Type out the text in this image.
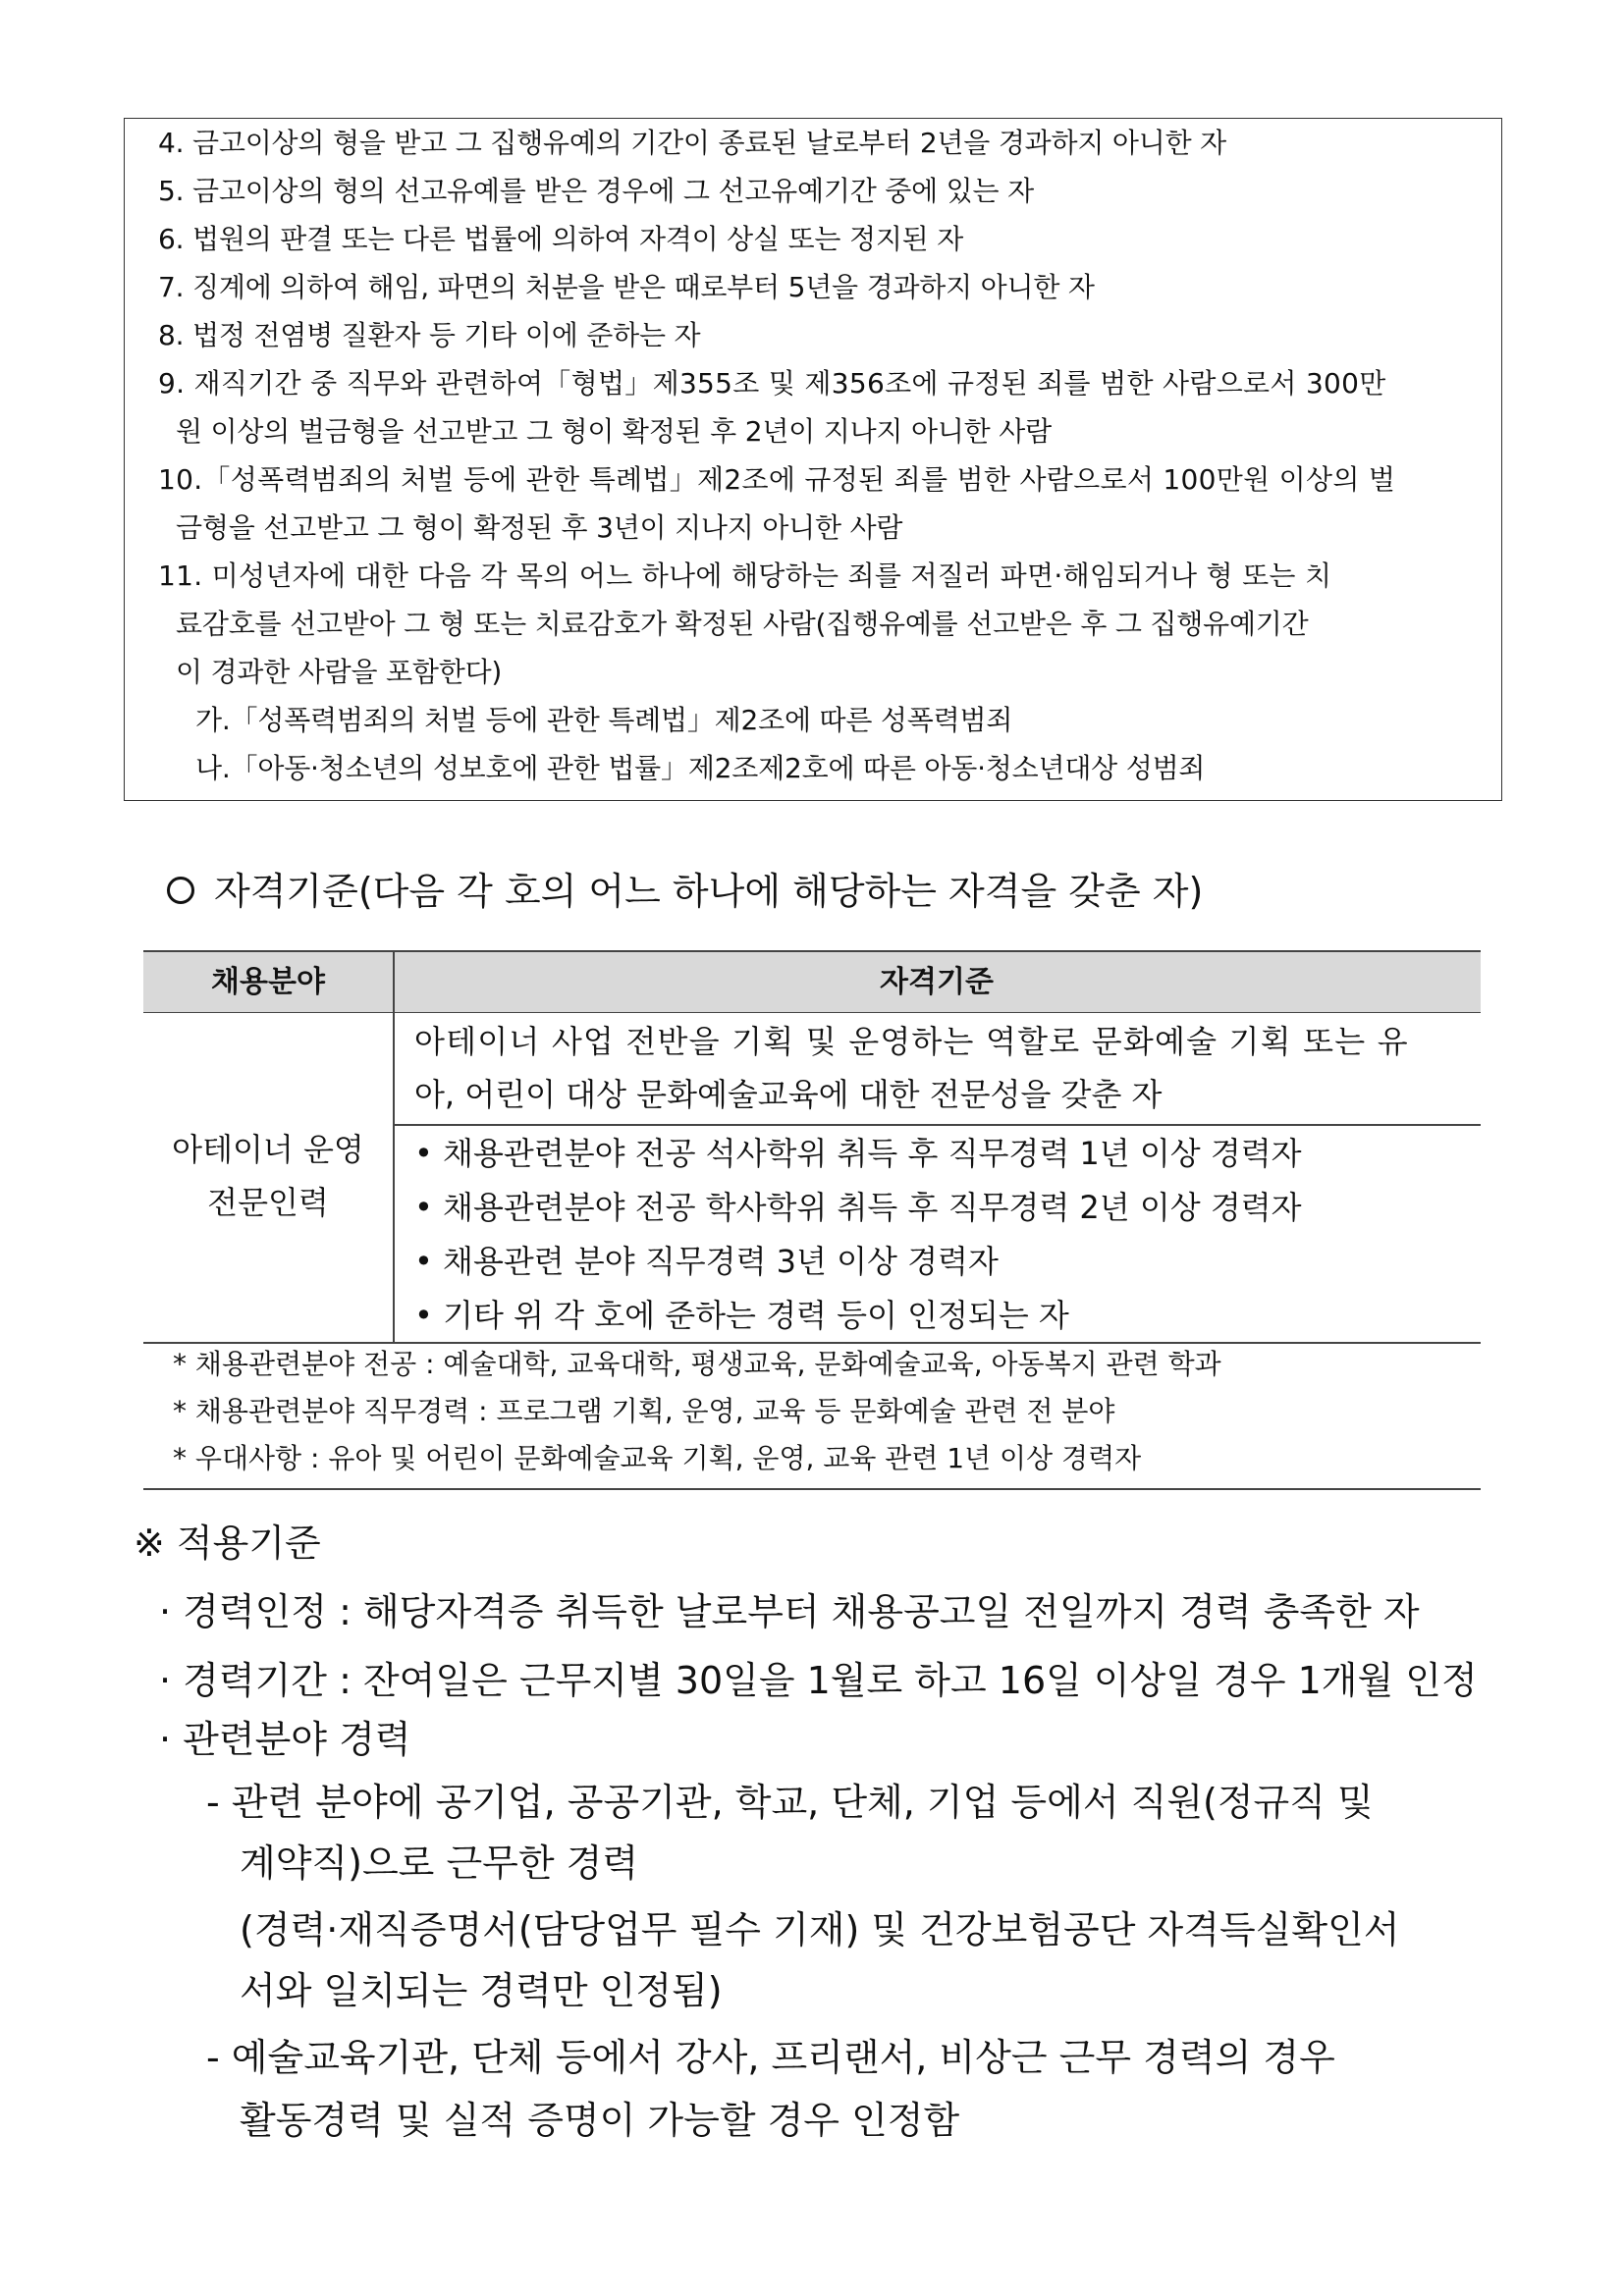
4. 금고이상의 형을 받고 그 집행유예의 기간이 종료된 날로부터 2년을 경과하지 아니한 자
5. 금고이상의 형의 선고유예를 받은 경우에 그 선고유예기간 중에 있는 자
6. 법원의 판결 또는 다른 법률에 의하여 자격이 상실 또는 정지된 자
7. 징계에 의하여 해임, 파면의 처분을 받은 때로부터 5년을 경과하지 아니한 자
8. 법정 전염병 질환자 등 기타 이에 준하는 자
9. 재직기간 중 직무와 관련하여「형법」제355조 및 제356조에 규정된 죄를 범한 사람으로서 300만
원 이상의 벌금형을 선고받고 그 형이 확정된 후 2년이 지나지 아니한 사람
10.「성폭력범죄의 처벌 등에 관한 특례법」제2조에 규정된 죄를 범한 사람으로서 100만원 이상의 벌
금형을 선고받고 그 형이 확정된 후 3년이 지나지 아니한 사람
11. 미성년자에 대한 다음 각 목의 어느 하나에 해당하는 죄를 저질러 파면·해임되거나 형 또는 치
료감호를 선고받아 그 형 또는 치료감호가 확정된 사람(집행유예를 선고받은 후 그 집행유예기간
이 경과한 사람을 포함한다)
가.「성폭력범죄의 처벌 등에 관한 특례법」제2조에 따른 성폭력범죄
나.「아동·청소년의 성보호에 관한 법률」제2조제2호에 따른 아동·청소년대상 성범죄
자격기준(다음 각 호의 어느 하나에 해당하는 자격을 갖춘 자)
채용분야	자격기준
아테이너 운영
전문인력
아테이너 사업 전반을 기획 및 운영하는 역할로 문화예술 기획 또는 유
아, 어린이 대상 문화예술교육에 대한 전문성을 갖춘 자
• 채용관련분야 전공 석사학위 취득 후 직무경력 1년 이상 경력자
• 채용관련분야 전공 학사학위 취득 후 직무경력 2년 이상 경력자
• 채용관련 분야 직무경력 3년 이상 경력자
• 기타 위 각 호에 준하는 경력 등이 인정되는 자
* 채용관련분야 전공 : 예술대학, 교육대학, 평생교육, 문화예술교육, 아동복지 관련 학과
* 채용관련분야 직무경력 : 프로그램 기획, 운영, 교육 등 문화예술 관련 전 분야
* 우대사항 : 유아 및 어린이 문화예술교육 기획, 운영, 교육 관련 1년 이상 경력자
※ 적용기준
· 경력인정 : 해당자격증 취득한 날로부터 채용공고일 전일까지 경력 충족한 자
· 경력기간 : 잔여일은 근무지별 30일을 1월로 하고 16일 이상일 경우 1개월 인정
· 관련분야 경력
- 관련 분야에 공기업, 공공기관, 학교, 단체, 기업 등에서 직원(정규직 및
계약직)으로 근무한 경력
(경력·재직증명서(담당업무 필수 기재) 및 건강보험공단 자격득실확인서
서와 일치되는 경력만 인정됨)
- 예술교육기관, 단체 등에서 강사, 프리랜서, 비상근 근무 경력의 경우
활동경력 및 실적 증명이 가능할 경우 인정함
